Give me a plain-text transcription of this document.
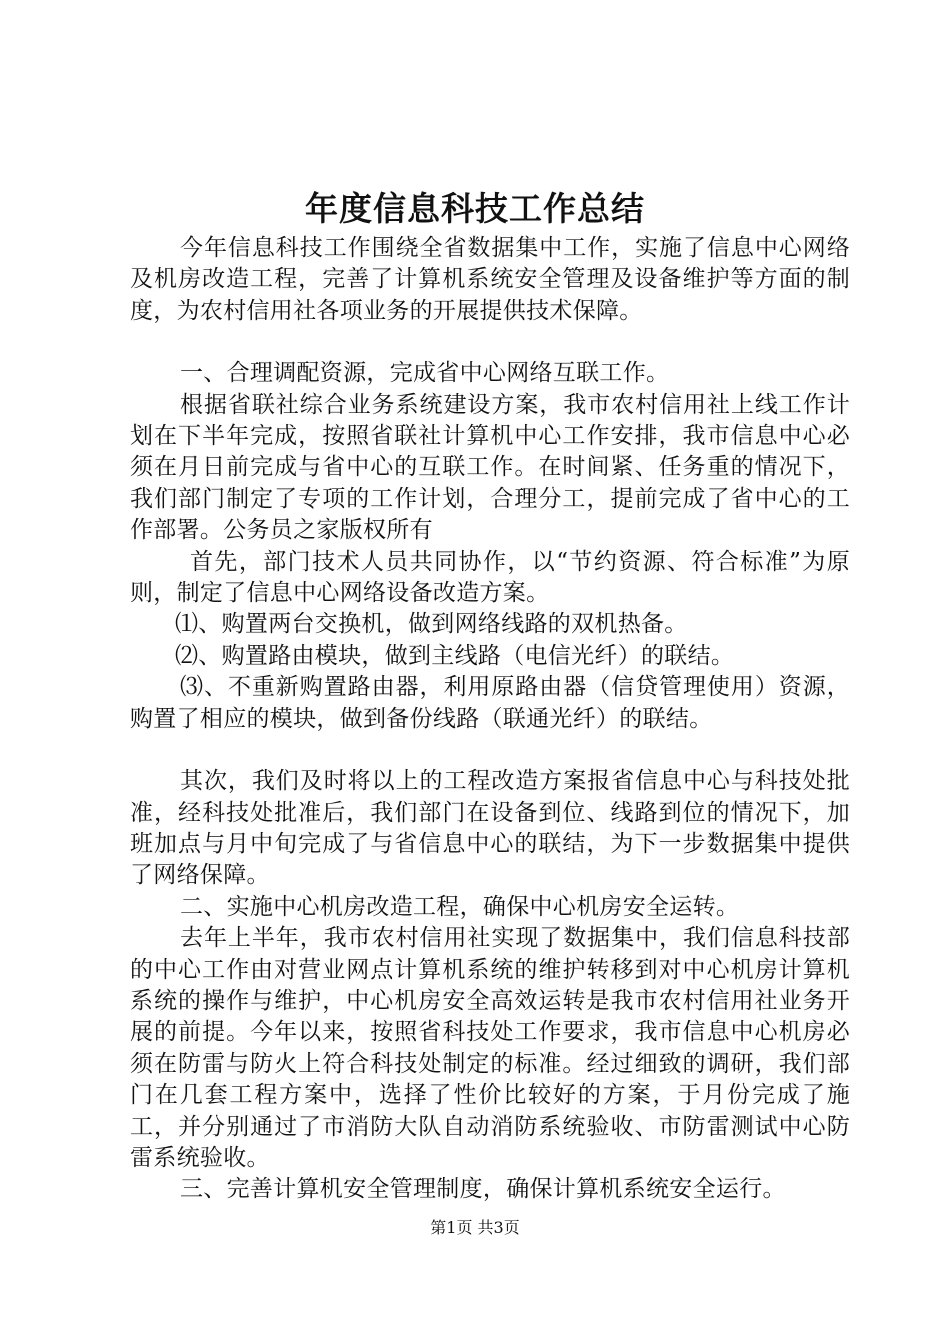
年度信息科技工作总结

今年信息科技工作围绕全省数据集中工作，实施了信息中心网络及机房改造工程，完善了计算机系统安全管理及设备维护等方面的制度，为农村信用社各项业务的开展提供技术保障。

一、合理调配资源，完成省中心网络互联工作。

根据省联社综合业务系统建设方案，我市农村信用社上线工作计划在下半年完成，按照省联社计算机中心工作安排，我市信息中心必须在月日前完成与省中心的互联工作。在时间紧、任务重的情况下，我们部门制定了专项的工作计划，合理分工，提前完成了省中心的工作部署。公务员之家版权所有

首先，部门技术人员共同协作，以“节约资源、符合标准”为原则，制定了信息中心网络设备改造方案。

⑴、购置两台交换机，做到网络线路的双机热备。

⑵、购置路由模块，做到主线路（电信光纤）的联结。

⑶、不重新购置路由器，利用原路由器（信贷管理使用）资源，购置了相应的模块，做到备份线路（联通光纤）的联结。

其次，我们及时将以上的工程改造方案报省信息中心与科技处批准，经科技处批准后，我们部门在设备到位、线路到位的情况下，加班加点与月中旬完成了与省信息中心的联结，为下一步数据集中提供了网络保障。

二、实施中心机房改造工程，确保中心机房安全运转。

去年上半年，我市农村信用社实现了数据集中，我们信息科技部的中心工作由对营业网点计算机系统的维护转移到对中心机房计算机系统的操作与维护，中心机房安全高效运转是我市农村信用社业务开展的前提。今年以来，按照省科技处工作要求，我市信息中心机房必须在防雷与防火上符合科技处制定的标准。经过细致的调研，我们部门在几套工程方案中，选择了性价比较好的方案，于月份完成了施工，并分别通过了市消防大队自动消防系统验收、市防雷测试中心防雷系统验收。

三、完善计算机安全管理制度，确保计算机系统安全运行。

第1页 共3页
